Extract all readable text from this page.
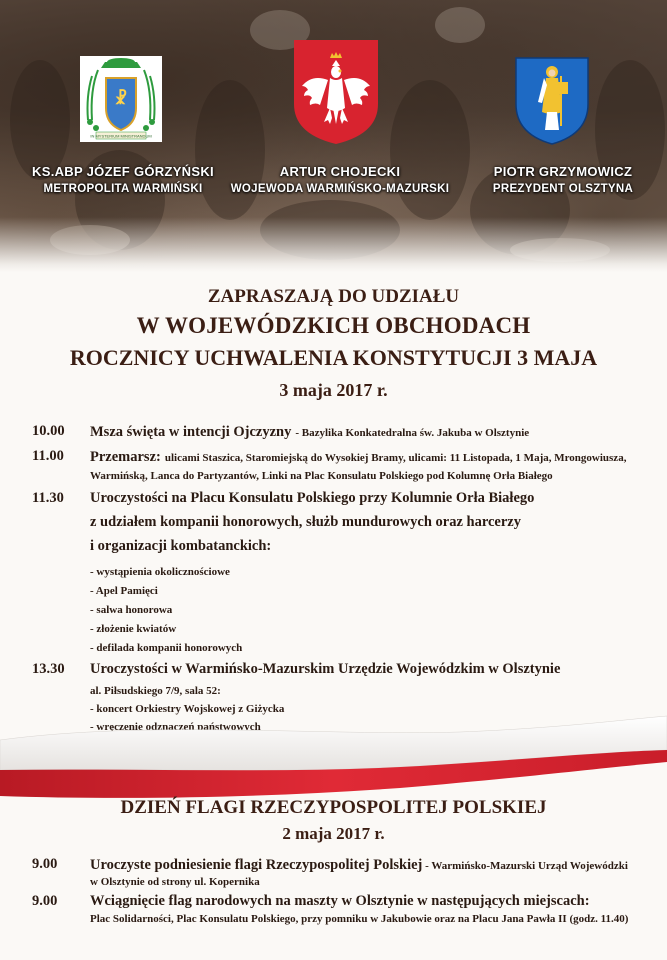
☧
IN MYSTERIUM MINISTRANDUM
KS.ABP JÓZEF GÓRZYŃSKI
METROPOLITA WARMIŃSKI
ARTUR CHOJECKI
WOJEWODA WARMIŃSKO-MAZURSKI
PIOTR GRZYMOWICZ
PREZYDENT OLSZTYNA
ZAPRASZAJĄ DO UDZIAŁU
W WOJEWÓDZKICH OBCHODACH
ROCZNICY UCHWALENIA KONSTYTUCJI 3 MAJA
3 maja 2017 r.
10.00 Msza święta w intencji Ojczyzny - Bazylika Konkatedralna św. Jakuba w Olsztynie
11.00 Przemarsz: ulicami Staszica, Staromiejską do Wysokiej Bramy, ulicami: 11 Listopada, 1 Maja, Mrongowiusza,
Warmińską, Lanca do Partyzantów, Linki na Plac Konsulatu Polskiego pod Kolumnę Orła Białego
11.30 Uroczystości na Placu Konsulatu Polskiego przy Kolumnie Orła Białego
z udziałem kompanii honorowych, służb mundurowych oraz harcerzy
i organizacji kombatanckich:
- wystąpienia okolicznościowe
- Apel Pamięci
- salwa honorowa
- złożenie kwiatów
- defilada kompanii honorowych
13.30 Uroczystości w Warmińsko-Mazurskim Urzędzie Wojewódzkim w Olsztynie
al. Piłsudskiego 7/9, sala 52:
- koncert Orkiestry Wojskowej z Giżycka
- wręczenie odznaczeń państwowych
DZIEŃ FLAGI RZECZYPOSPOLITEJ POLSKIEJ
2 maja 2017 r.
9.00 Uroczyste podniesienie flagi Rzeczypospolitej Polskiej - Warmińsko-Mazurski Urząd Wojewódzki
w Olsztynie od strony ul. Kopernika
9.00 Wciągnięcie flag narodowych na maszty w Olsztynie w następujących miejscach:
Plac Solidarności, Plac Konsulatu Polskiego, przy pomniku w Jakubowie oraz na Placu Jana Pawła II (godz. 11.40)
